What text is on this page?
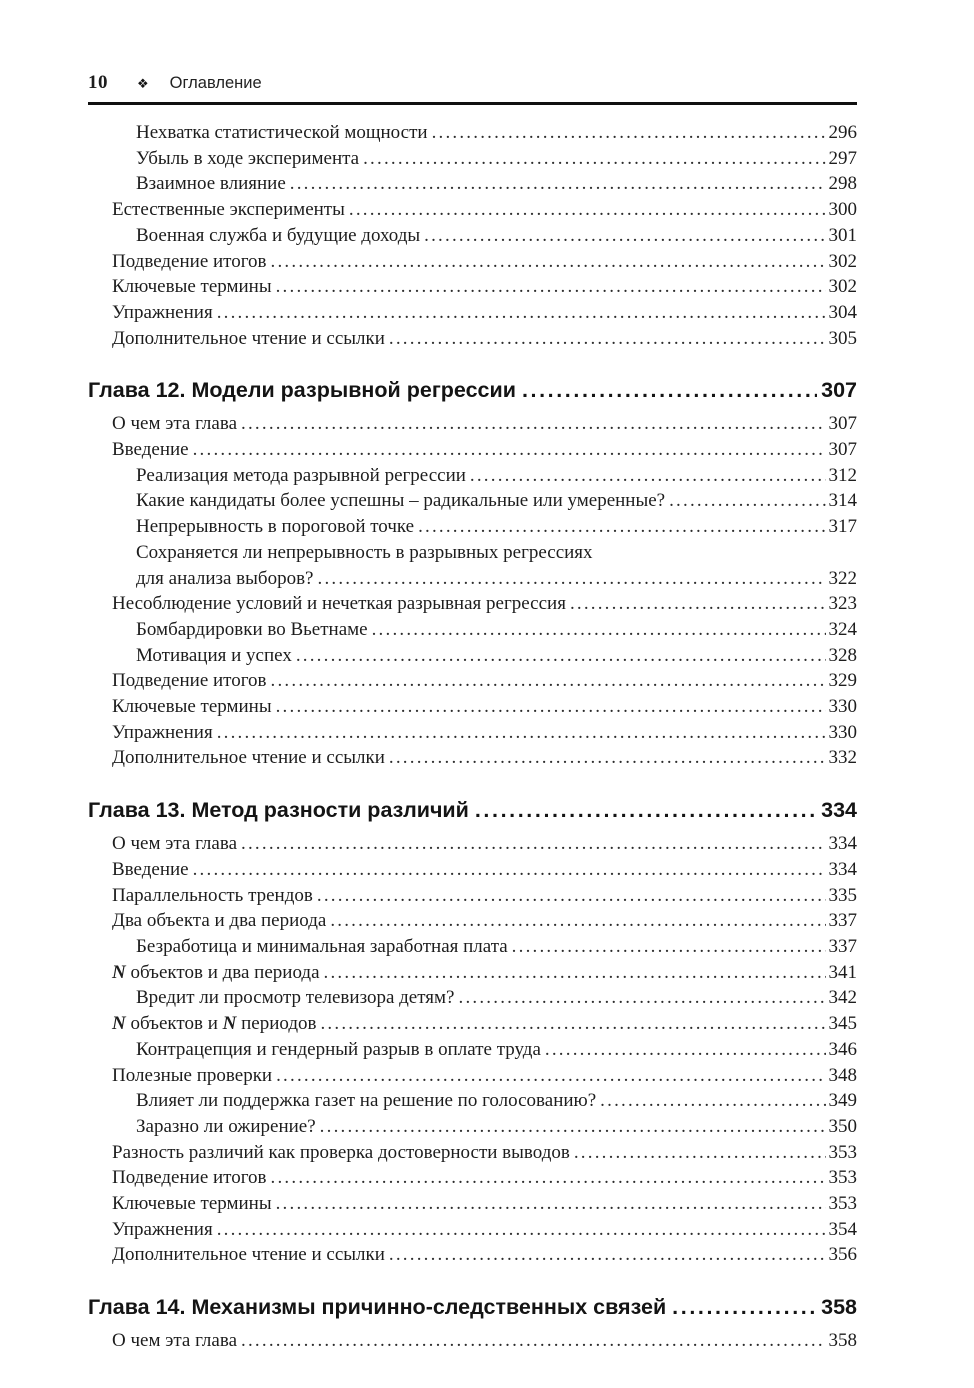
10 ❖ Оглавление
Нехватка статистической мощности .....	296
Убыль в ходе эксперимента .....	297
Взаимное влияние .....	298
Естественные эксперименты .....	300
Военная служба и будущие доходы .....	301
Подведение итогов .....	302
Ключевые термины .....	302
Упражнения .....	304
Дополнительное чтение и ссылки .....	305
Глава 12. Модели разрывной регрессии .....	307
О чем эта глава .....	307
Введение .....	307
Реализация метода разрывной регрессии .....	312
Какие кандидаты более успешны – радикальные или умеренные? .....	314
Непрерывность в пороговой точке .....	317
Сохраняется ли непрерывность в разрывных регрессиях
для анализа выборов? .....	322
Несоблюдение условий и нечеткая разрывная регрессия .....	323
Бомбардировки во Вьетнаме .....	324
Мотивация и успех .....	328
Подведение итогов .....	329
Ключевые термины .....	330
Упражнения .....	330
Дополнительное чтение и ссылки .....	332
Глава 13. Метод разности различий .....	334
О чем эта глава .....	334
Введение .....	334
Параллельность трендов .....	335
Два объекта и два периода .....	337
Безработица и минимальная заработная плата .....	337
N объектов и два периода .....	341
Вредит ли просмотр телевизора детям? .....	342
N объектов и N периодов .....	345
Контрацепция и гендерный разрыв в оплате труда .....	346
Полезные проверки .....	348
Влияет ли поддержка газет на решение по голосованию? .....	349
Заразно ли ожирение? .....	350
Разность различий как проверка достоверности выводов .....	353
Подведение итогов .....	353
Ключевые термины .....	353
Упражнения .....	354
Дополнительное чтение и ссылки .....	356
Глава 14. Механизмы причинно-следственных связей .....	358
О чем эта глава .....	358
